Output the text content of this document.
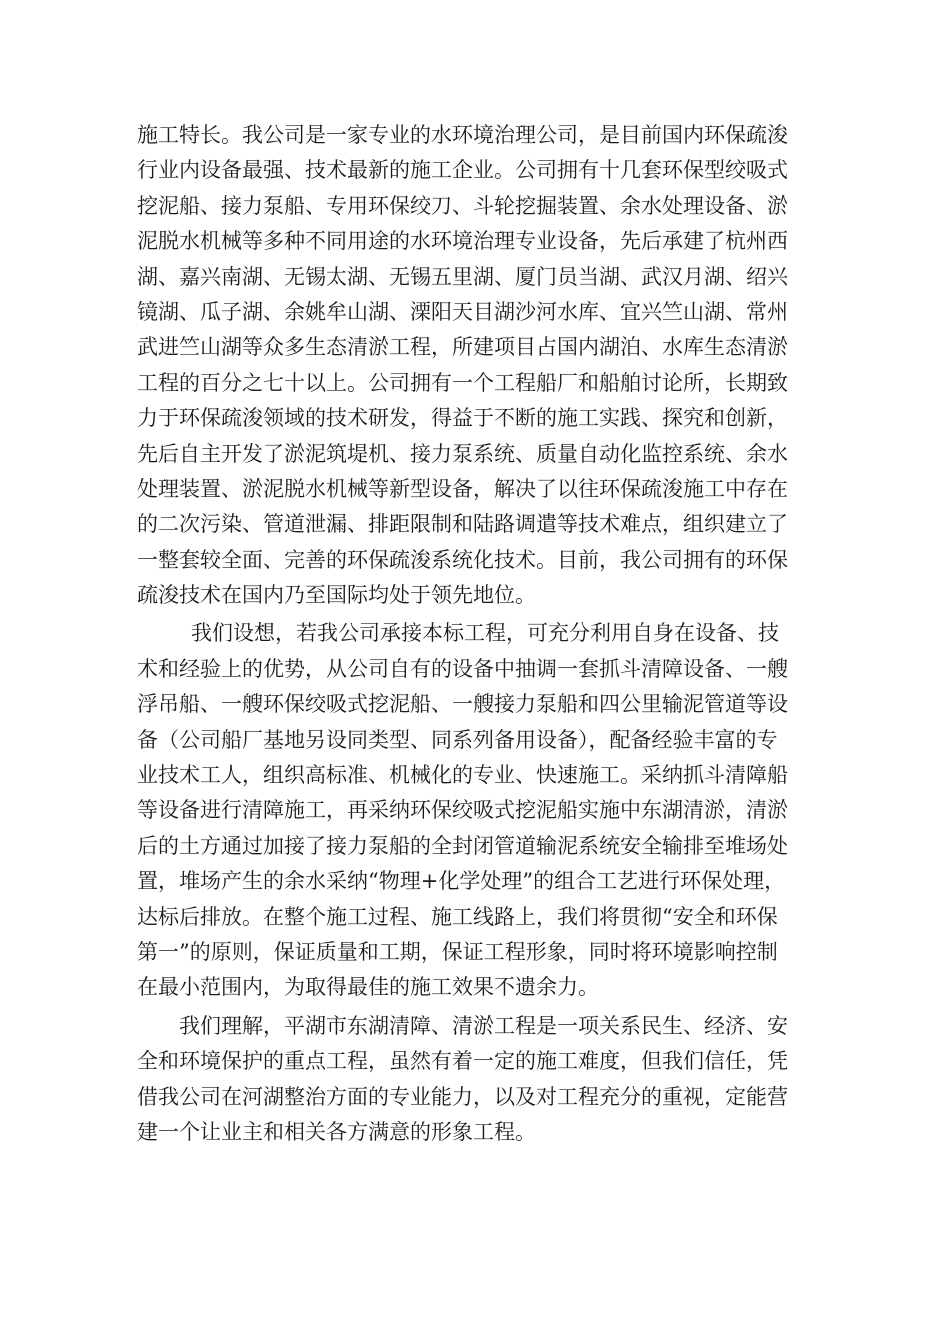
施工特长。我公司是一家专业的水环境治理公司，是目前国内环保疏浚
行业内设备最强、技术最新的施工企业。公司拥有十几套环保型绞吸式
挖泥船、接力泵船、专用环保绞刀、斗轮挖掘装置、余水处理设备、淤
泥脱水机械等多种不同用途的水环境治理专业设备，先后承建了杭州西
湖、嘉兴南湖、无锡太湖、无锡五里湖、厦门员当湖、武汉月湖、绍兴
镜湖、瓜子湖、余姚牟山湖、溧阳天目湖沙河水库、宜兴竺山湖、常州
武进竺山湖等众多生态清淤工程，所建项目占国内湖泊、水库生态清淤
工程的百分之七十以上。公司拥有一个工程船厂和船舶讨论所，长期致
力于环保疏浚领域的技术研发，得益于不断的施工实践、探究和创新，
先后自主开发了淤泥筑堤机、接力泵系统、质量自动化监控系统、余水
处理装置、淤泥脱水机械等新型设备，解决了以往环保疏浚施工中存在
的二次污染、管道泄漏、排距限制和陆路调遣等技术难点，组织建立了
一整套较全面、完善的环保疏浚系统化技术。目前，我公司拥有的环保
疏浚技术在国内乃至国际均处于领先地位。
我们设想，若我公司承接本标工程，可充分利用自身在设备、技
术和经验上的优势，从公司自有的设备中抽调一套抓斗清障设备、一艘
浮吊船、一艘环保绞吸式挖泥船、一艘接力泵船和四公里输泥管道等设
备（公司船厂基地另设同类型、同系列备用设备），配备经验丰富的专
业技术工人，组织高标准、机械化的专业、快速施工。采纳抓斗清障船
等设备进行清障施工，再采纳环保绞吸式挖泥船实施中东湖清淤，清淤
后的土方通过加接了接力泵船的全封闭管道输泥系统安全输排至堆场处
置，堆场产生的余水采纳“物理+化学处理”的组合工艺进行环保处理，
达标后排放。在整个施工过程、施工线路上，我们将贯彻“安全和环保
第一”的原则，保证质量和工期，保证工程形象，同时将环境影响控制
在最小范围内，为取得最佳的施工效果不遗余力。
我们理解，平湖市东湖清障、清淤工程是一项关系民生、经济、安
全和环境保护的重点工程，虽然有着一定的施工难度，但我们信任，凭
借我公司在河湖整治方面的专业能力，以及对工程充分的重视，定能营
建一个让业主和相关各方满意的形象工程。
